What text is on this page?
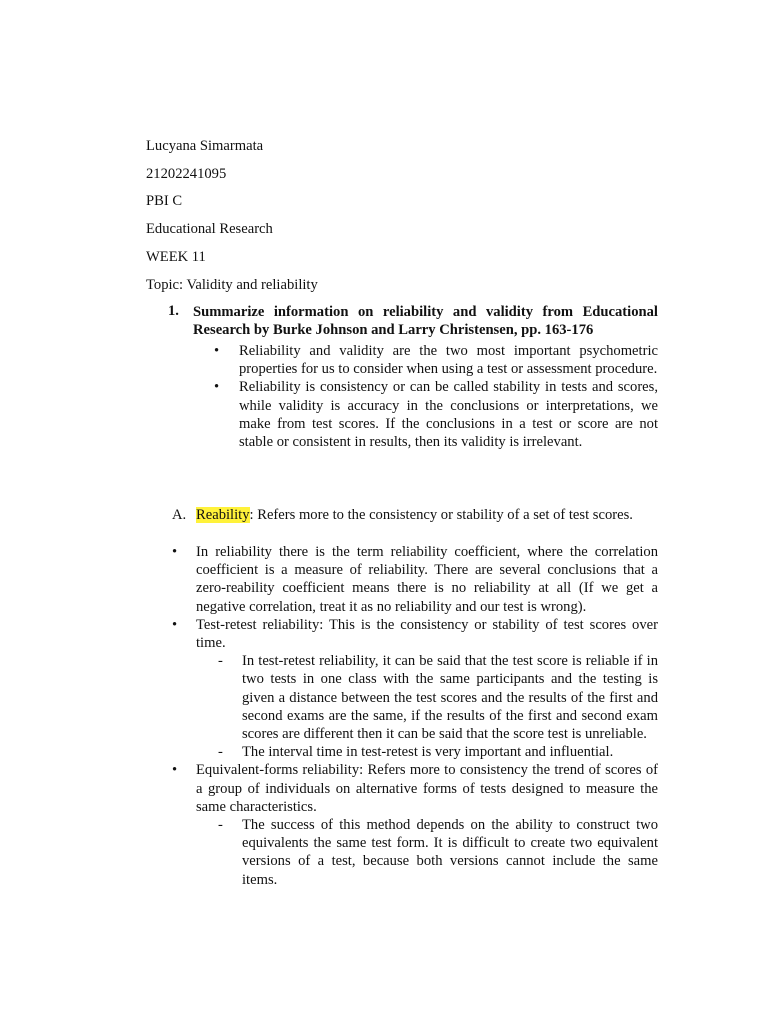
Lucyana Simarmata
21202241095
PBI C
Educational Research
WEEK 11
Topic: Validity and reliability
1. Summarize information on reliability and validity from Educational Research by Burke Johnson and Larry Christensen, pp. 163-176
• Reliability and validity are the two most important psychometric properties for us to consider when using a test or assessment procedure.
• Reliability is consistency or can be called stability in tests and scores, while validity is accuracy in the conclusions or interpretations, we make from test scores. If the conclusions in a test or score are not stable or consistent in results, then its validity is irrelevant.
A. Reability: Refers more to the consistency or stability of a set of test scores.
• In reliability there is the term reliability coefficient, where the correlation coefficient is a measure of reliability. There are several conclusions that a zero-reability coefficient means there is no reliability at all (If we get a negative correlation, treat it as no reliability and our test is wrong).
• Test-retest reliability: This is the consistency or stability of test scores over time.
- In test-retest reliability, it can be said that the test score is reliable if in two tests in one class with the same participants and the testing is given a distance between the test scores and the results of the first and second exams are the same, if the results of the first and second exam scores are different then it can be said that the score test is unreliable.
- The interval time in test-retest is very important and influential.
• Equivalent-forms reliability: Refers more to consistency the trend of scores of a group of individuals on alternative forms of tests designed to measure the same characteristics.
- The success of this method depends on the ability to construct two equivalents the same test form. It is difficult to create two equivalent versions of a test, because both versions cannot include the same items.
